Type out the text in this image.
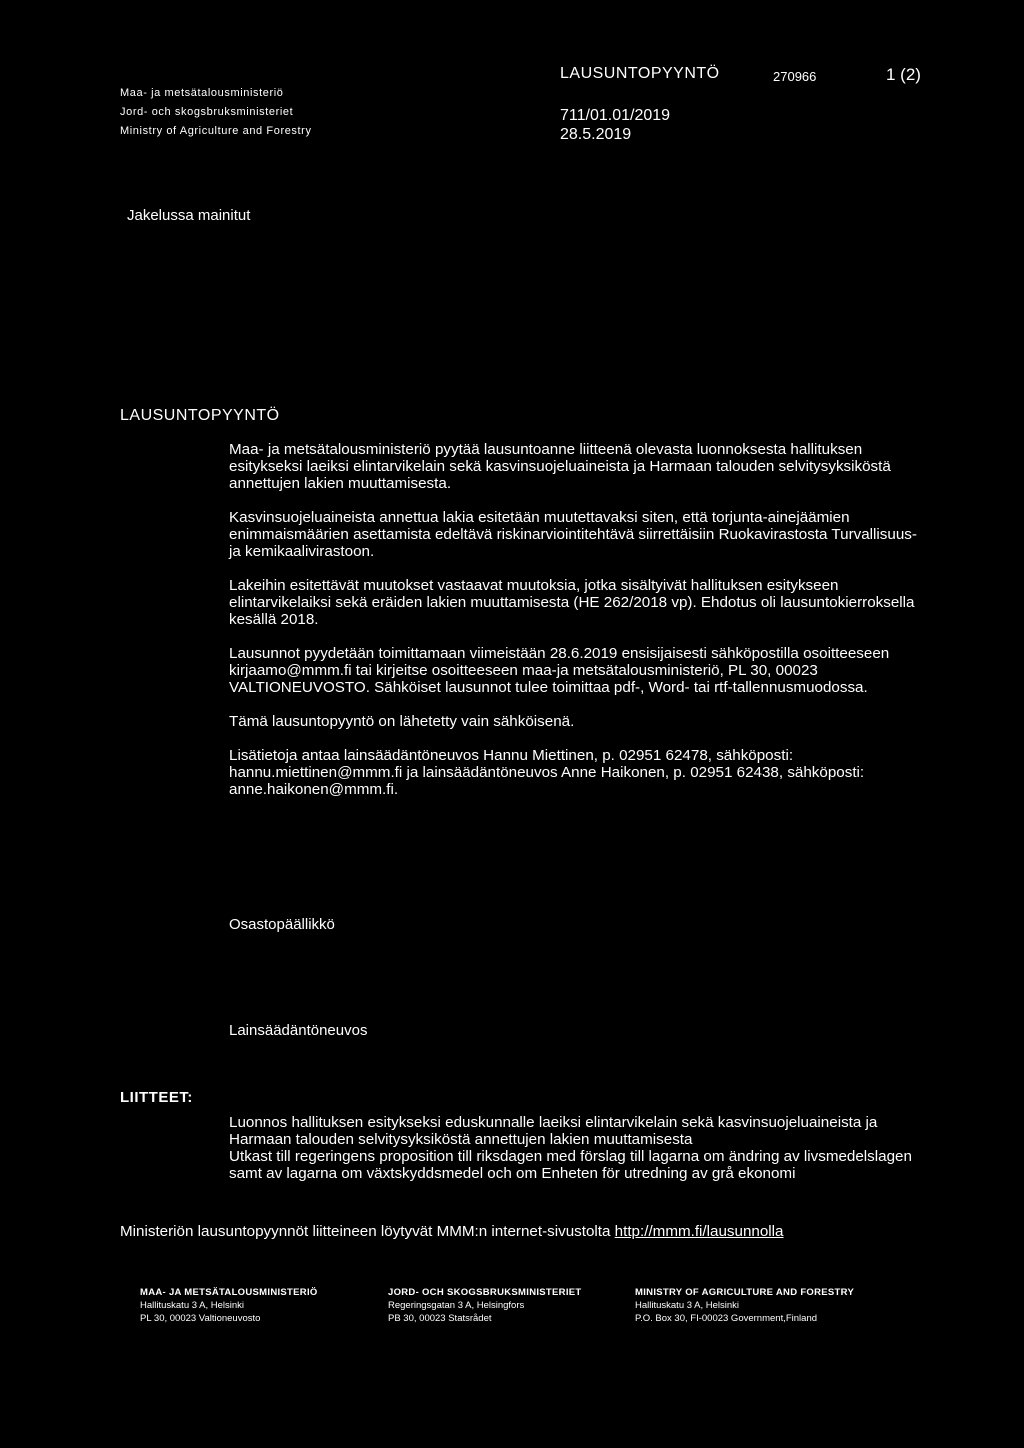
Maa- ja metsätalousministeriö
Jord- och skogsbruksministeriet
Ministry of Agriculture and Forestry
LAUSUNTOPYYNTÖ	270966	1 (2)
711/01.01/2019
28.5.2019
Jakelussa mainitut
LAUSUNTOPYYNTÖ

Maa- ja metsätalousministeriö pyytää lausuntoanne liitteenä olevasta luonnoksesta hallituksen esitykseksi laeiksi elintarvikelain sekä kasvinsuojeluaineista ja Harmaan talouden selvitysyksiköstä annettujen lakien muuttamisesta.

Kasvinsuojeluaineista annettua lakia esitetään muutettavaksi siten, että torjunta-ainejäämien enimmaismäärien asettamista edeltävä riskinarviointitehtävä siirrettäisiin Ruokavirastosta Turvallisuus- ja kemikaalivirastoon.

Lakeihin esitettävät muutokset vastaavat muutoksia, jotka sisältyivät hallituksen esitykseen elintarvikelaiksi sekä eräiden lakien muuttamisesta (HE 262/2018 vp). Ehdotus oli lausuntokierroksella kesällä 2018.

Lausunnot pyydetään toimittamaan viimeistään 28.6.2019 ensisijaisesti sähköpostilla osoitteeseen kirjaamo@mmm.fi tai kirjeitse osoitteeseen maa-ja metsätalousministeriö, PL 30, 00023 VALTIONEUVOSTO. Sähköiset lausunnot tulee toimittaa pdf-, Word- tai rtf-tallennusmuodossa.

Tämä lausuntopyyntö on lähetetty vain sähköisenä.

Lisätietoja antaa lainsäädäntöneuvos Hannu Miettinen, p. 02951 62478, sähköposti: hannu.miettinen@mmm.fi ja lainsäädäntöneuvos Anne Haikonen, p. 02951 62438, sähköposti: anne.haikonen@mmm.fi.

Osastopäällikkö
Lainsäädäntöneuvos
LIITTEET:

Luonnos hallituksen esitykseksi eduskunnalle laeiksi elintarvikelain sekä kasvinsuojeluaineista ja Harmaan talouden selvitysyksiköstä annettujen lakien muuttamisesta

Utkast till regeringens proposition till riksdagen med förslag till lagarna om ändring av livsmedelslagen samt av lagarna om växtskyddsmedel och om Enheten för utredning av grå ekonomi

Ministeriön lausuntopyynnöt liitteineen löytyvät MMM:n internet-sivustolta http://mmm.fi/lausunnolla
MAA- JA METSÄTALOUSMINISTERIÖ
Hallituskatu 3 A, Helsinki
PL 30, 00023 Valtioneuvosto
JORD- OCH SKOGSBRUKSMINISTERIET
Regeringsgatan 3 A, Helsingfors
PB 30, 00023 Statsrådet
MINISTRY OF AGRICULTURE AND FORESTRY
Hallituskatu 3 A, Helsinki
P.O. Box 30, FI-00023 Government,Finland
